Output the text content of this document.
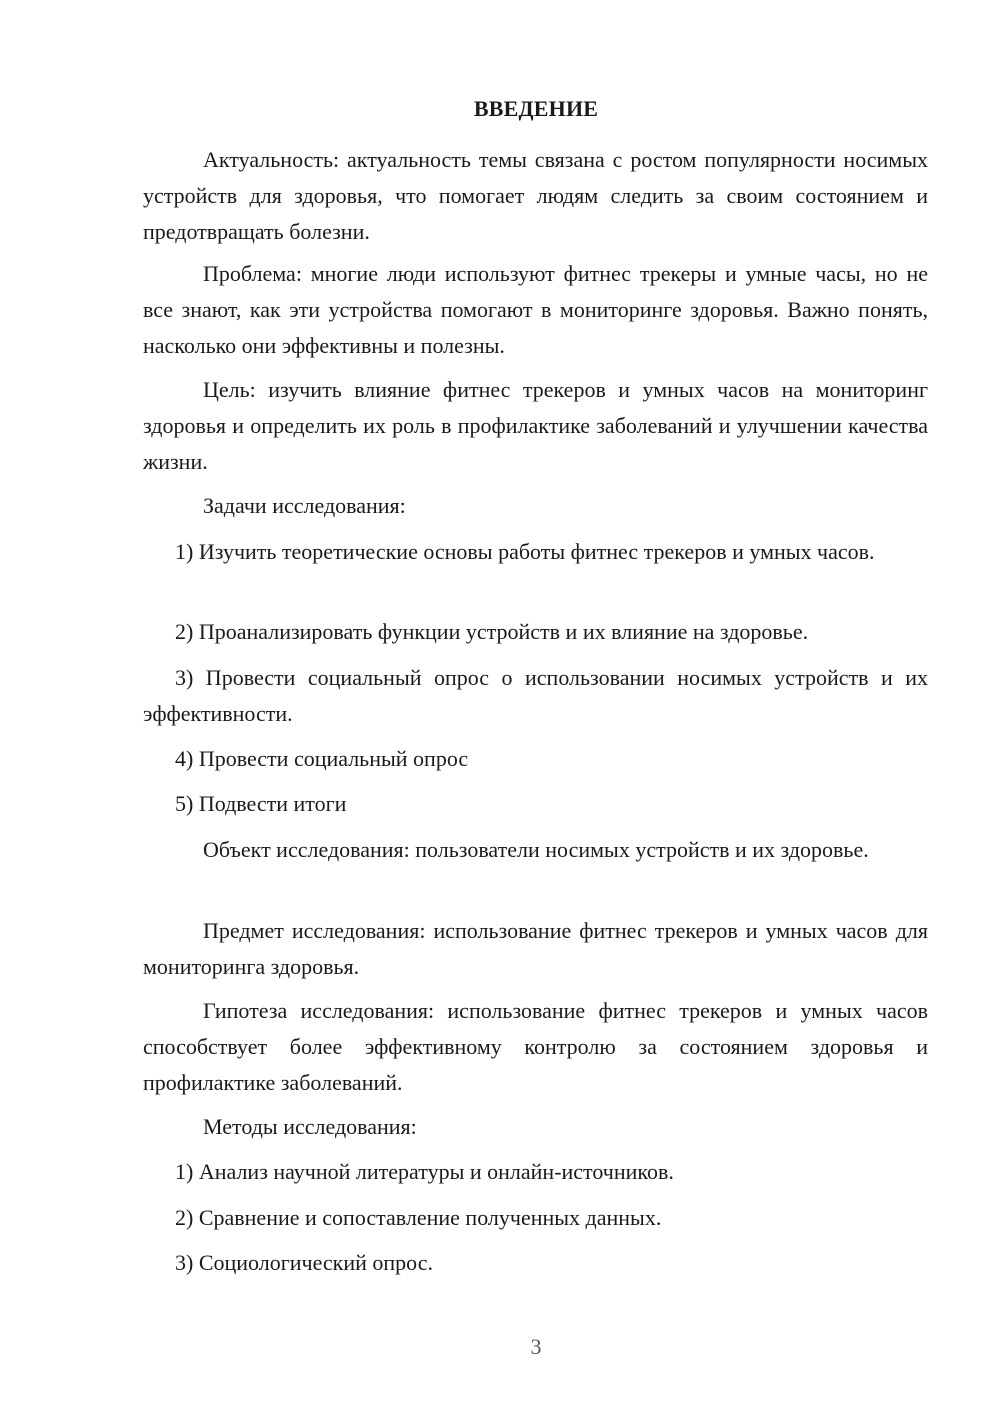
ВВЕДЕНИЕ

Актуальность: актуальность темы связана с ростом популярности носимых устройств для здоровья, что помогает людям следить за своим состоянием и предотвращать болезни.

Проблема: многие люди используют фитнес трекеры и умные часы, но не все знают, как эти устройства помогают в мониторинге здоровья. Важно понять, насколько они эффективны и полезны.

Цель: изучить влияние фитнес трекеров и умных часов на мониторинг здоровья и определить их роль в профилактике заболеваний и улучшении качества жизни.

Задачи исследования:

1) Изучить теоретические основы работы фитнес трекеров и умных часов.

2) Проанализировать функции устройств и их влияние на здоровье.

3) Провести социальный опрос о использовании носимых устройств и их эффективности.

4) Провести социальный опрос

5) Подвести итоги

Объект исследования: пользователи носимых устройств и их здоровье.

Предмет исследования: использование фитнес трекеров и умных часов для мониторинга здоровья.

Гипотеза исследования: использование фитнес трекеров и умных часов способствует более эффективному контролю за состоянием здоровья и профилактике заболеваний.

Методы исследования:

1) Анализ научной литературы и онлайн-источников.

2) Сравнение и сопоставление полученных данных.

3) Социологический опрос.

3
